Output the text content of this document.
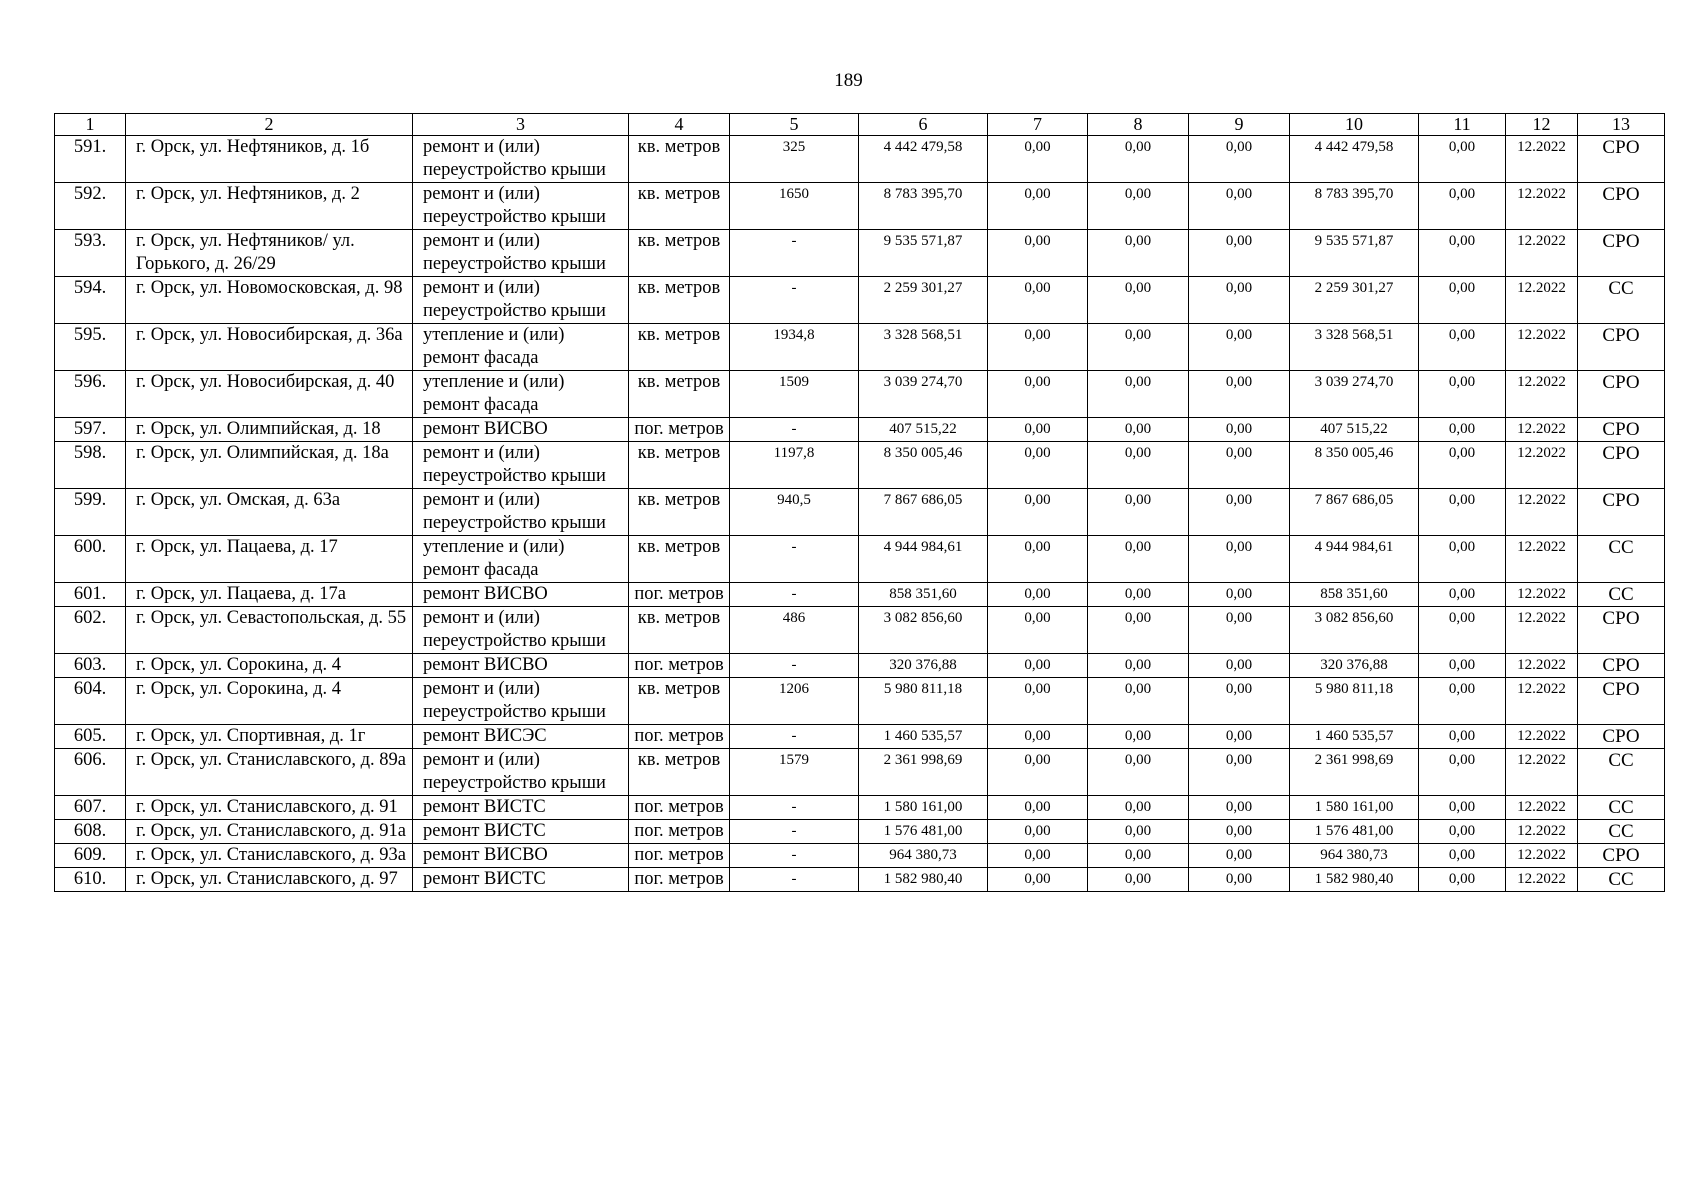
189
1	2	3	4	5	6	7	8	9	10	11	12	13
591.	г. Орск, ул. Нефтяников, д. 1б	ремонт и (или) переустройство крыши	кв. метров	325	4 442 479,58	0,00	0,00	0,00	4 442 479,58	0,00	12.2022	СРО
592.	г. Орск, ул. Нефтяников, д. 2	ремонт и (или) переустройство крыши	кв. метров	1650	8 783 395,70	0,00	0,00	0,00	8 783 395,70	0,00	12.2022	СРО
593.	г. Орск, ул. Нефтяников/ ул. Горького, д. 26/29	ремонт и (или) переустройство крыши	кв. метров	-	9 535 571,87	0,00	0,00	0,00	9 535 571,87	0,00	12.2022	СРО
594.	г. Орск, ул. Новомосковская, д. 98	ремонт и (или) переустройство крыши	кв. метров	-	2 259 301,27	0,00	0,00	0,00	2 259 301,27	0,00	12.2022	СС
595.	г. Орск, ул. Новосибирская, д. 36а	утепление и (или) ремонт фасада	кв. метров	1934,8	3 328 568,51	0,00	0,00	0,00	3 328 568,51	0,00	12.2022	СРО
596.	г. Орск, ул. Новосибирская, д. 40	утепление и (или) ремонт фасада	кв. метров	1509	3 039 274,70	0,00	0,00	0,00	3 039 274,70	0,00	12.2022	СРО
597.	г. Орск, ул. Олимпийская, д. 18	ремонт ВИСВО	пог. метров	-	407 515,22	0,00	0,00	0,00	407 515,22	0,00	12.2022	СРО
598.	г. Орск, ул. Олимпийская, д. 18а	ремонт и (или) переустройство крыши	кв. метров	1197,8	8 350 005,46	0,00	0,00	0,00	8 350 005,46	0,00	12.2022	СРО
599.	г. Орск, ул. Омская, д. 63а	ремонт и (или) переустройство крыши	кв. метров	940,5	7 867 686,05	0,00	0,00	0,00	7 867 686,05	0,00	12.2022	СРО
600.	г. Орск, ул. Пацаева, д. 17	утепление и (или) ремонт фасада	кв. метров	-	4 944 984,61	0,00	0,00	0,00	4 944 984,61	0,00	12.2022	СС
601.	г. Орск, ул. Пацаева, д. 17а	ремонт ВИСВО	пог. метров	-	858 351,60	0,00	0,00	0,00	858 351,60	0,00	12.2022	СС
602.	г. Орск, ул. Севастопольская, д. 55	ремонт и (или) переустройство крыши	кв. метров	486	3 082 856,60	0,00	0,00	0,00	3 082 856,60	0,00	12.2022	СРО
603.	г. Орск, ул. Сорокина, д. 4	ремонт ВИСВО	пог. метров	-	320 376,88	0,00	0,00	0,00	320 376,88	0,00	12.2022	СРО
604.	г. Орск, ул. Сорокина, д. 4	ремонт и (или) переустройство крыши	кв. метров	1206	5 980 811,18	0,00	0,00	0,00	5 980 811,18	0,00	12.2022	СРО
605.	г. Орск, ул. Спортивная, д. 1г	ремонт ВИСЭС	пог. метров	-	1 460 535,57	0,00	0,00	0,00	1 460 535,57	0,00	12.2022	СРО
606.	г. Орск, ул. Станиславского, д. 89а	ремонт и (или) переустройство крыши	кв. метров	1579	2 361 998,69	0,00	0,00	0,00	2 361 998,69	0,00	12.2022	СС
607.	г. Орск, ул. Станиславского, д. 91	ремонт ВИСТС	пог. метров	-	1 580 161,00	0,00	0,00	0,00	1 580 161,00	0,00	12.2022	СС
608.	г. Орск, ул. Станиславского, д. 91а	ремонт ВИСТС	пог. метров	-	1 576 481,00	0,00	0,00	0,00	1 576 481,00	0,00	12.2022	СС
609.	г. Орск, ул. Станиславского, д. 93а	ремонт ВИСВО	пог. метров	-	964 380,73	0,00	0,00	0,00	964 380,73	0,00	12.2022	СРО
610.	г. Орск, ул. Станиславского, д. 97	ремонт ВИСТС	пог. метров	-	1 582 980,40	0,00	0,00	0,00	1 582 980,40	0,00	12.2022	СС
